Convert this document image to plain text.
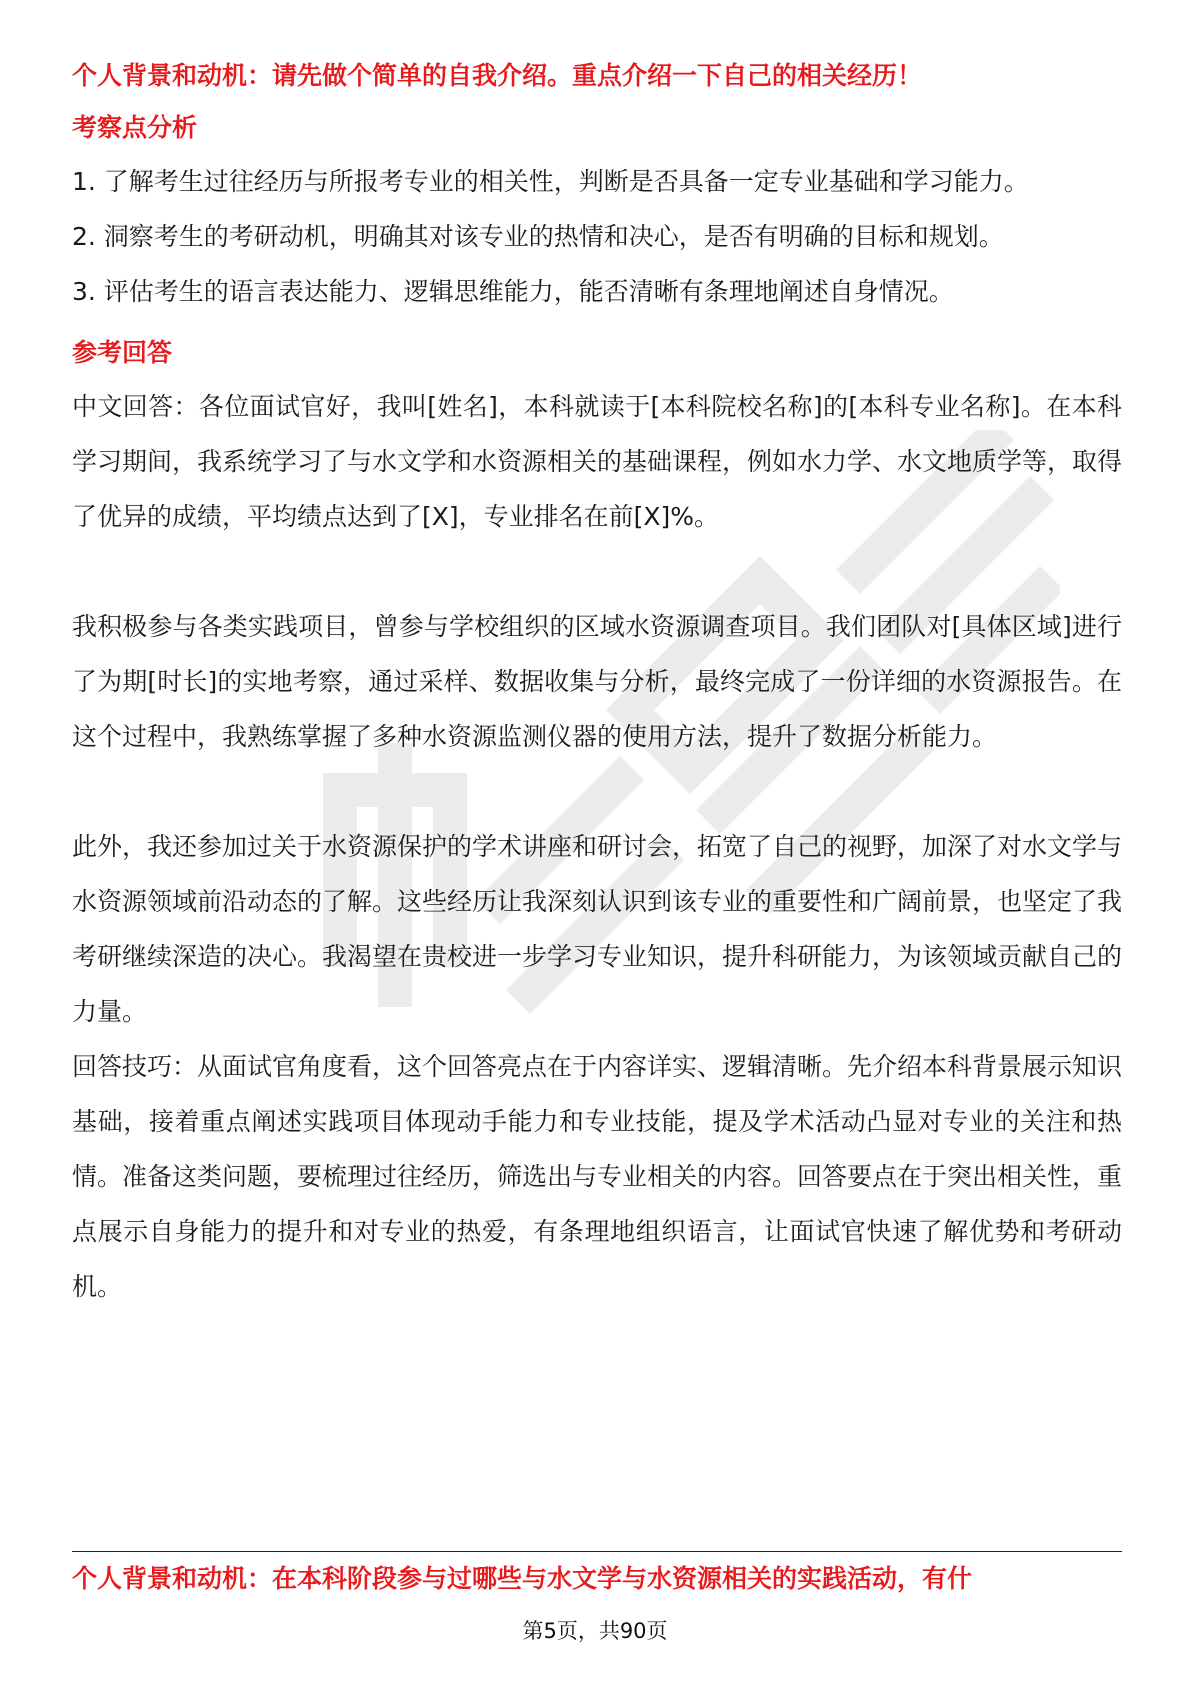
个人背景和动机：请先做个简单的自我介绍。重点介绍一下自己的相关经历！
考察点分析

1. 了解考生过往经历与所报考专业的相关性，判断是否具备一定专业基础和学习能力。

2. 洞察考生的考研动机，明确其对该专业的热情和决心，是否有明确的目标和规划。

3. 评估考生的语言表达能力、逻辑思维能力，能否清晰有条理地阐述自身情况。

参考回答

中文回答：各位面试官好，我叫[姓名]，本科就读于[本科院校名称]的[本科专业名称]。在本科学习期间，我系统学习了与水文学和水资源相关的基础课程，例如水力学、水文地质学等，取得了优异的成绩，平均绩点达到了[X]，专业排名在前[X]%。

我积极参与各类实践项目，曾参与学校组织的区域水资源调查项目。我们团队对[具体区域]进行了为期[时长]的实地考察，通过采样、数据收集与分析，最终完成了一份详细的水资源报告。在这个过程中，我熟练掌握了多种水资源监测仪器的使用方法，提升了数据分析能力。

此外，我还参加过关于水资源保护的学术讲座和研讨会，拓宽了自己的视野，加深了对水文学与水资源领域前沿动态的了解。这些经历让我深刻认识到该专业的重要性和广阔前景，也坚定了我考研继续深造的决心。我渴望在贵校进一步学习专业知识，提升科研能力，为该领域贡献自己的力量。

回答技巧：从面试官角度看，这个回答亮点在于内容详实、逻辑清晰。先介绍本科背景展示知识基础，接着重点阐述实践项目体现动手能力和专业技能，提及学术活动凸显对专业的关注和热情。准备这类问题，要梳理过往经历，筛选出与专业相关的内容。回答要点在于突出相关性，重点展示自身能力的提升和对专业的热爱，有条理地组织语言，让面试官快速了解优势和考研动机。

个人背景和动机：在本科阶段参与过哪些与水文学与水资源相关的实践活动，有什
第5页，共90页
